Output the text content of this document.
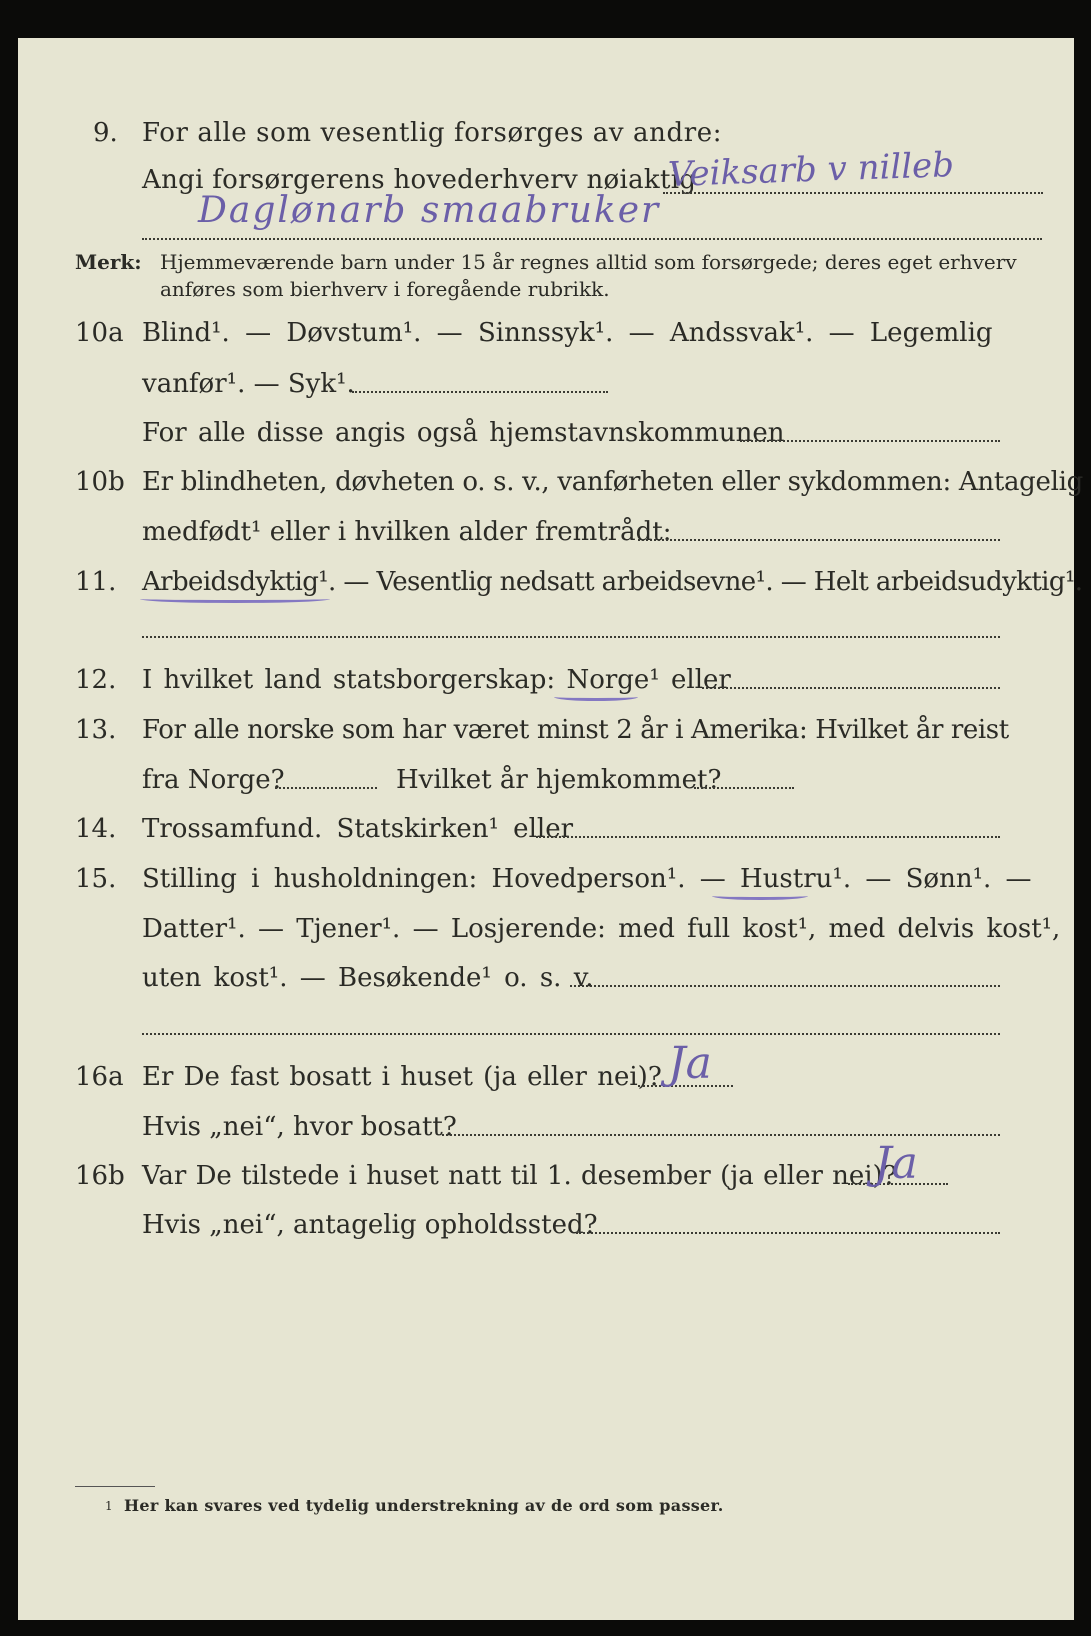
9. For alle som vesentlig forsørges av andre:
Angi forsørgerens hovederhverv nøiaktig
Veiksarb v nilleb
Daglønarb smaabruker
Merk: Hjemmeværende barn under 15 år regnes alltid som forsørgede; deres eget erhverv
anføres som bierhverv i foregående rubrikk.
10a Blind¹. — Døvstum¹. — Sinnssyk¹. — Andssvak¹. — Legemlig
vanfør¹. — Syk¹.
For alle disse angis også hjemstavnskommunen
10b Er blindheten, døvheten o. s. v., vanførheten eller sykdommen: Antagelig
medfødt¹ eller i hvilken alder fremtrådt:
11. Arbeidsdyktig¹. — Vesentlig nedsatt arbeidsevne¹. — Helt arbeidsudyktig¹.
12. I hvilket land statsborgerskap: Norge¹ eller
13. For alle norske som har været minst 2 år i Amerika: Hvilket år reist
fra Norge?	Hvilket år hjemkommet?
14. Trossamfund. Statskirken¹ eller
15. Stilling i husholdningen: Hovedperson¹. — Hustru¹. — Sønn¹. —
Datter¹. — Tjener¹. — Losjerende: med full kost¹, med delvis kost¹,
uten kost¹. — Besøkende¹ o. s. v.
16a Er De fast bosatt i huset (ja eller nei)? Ja
Hvis „nei“, hvor bosatt?
16b Var De tilstede i huset natt til 1. desember (ja eller nei)?
Ja
Hvis „nei“, antagelig opholdssted?
1 Her kan svares ved tydelig understrekning av de ord som passer.
